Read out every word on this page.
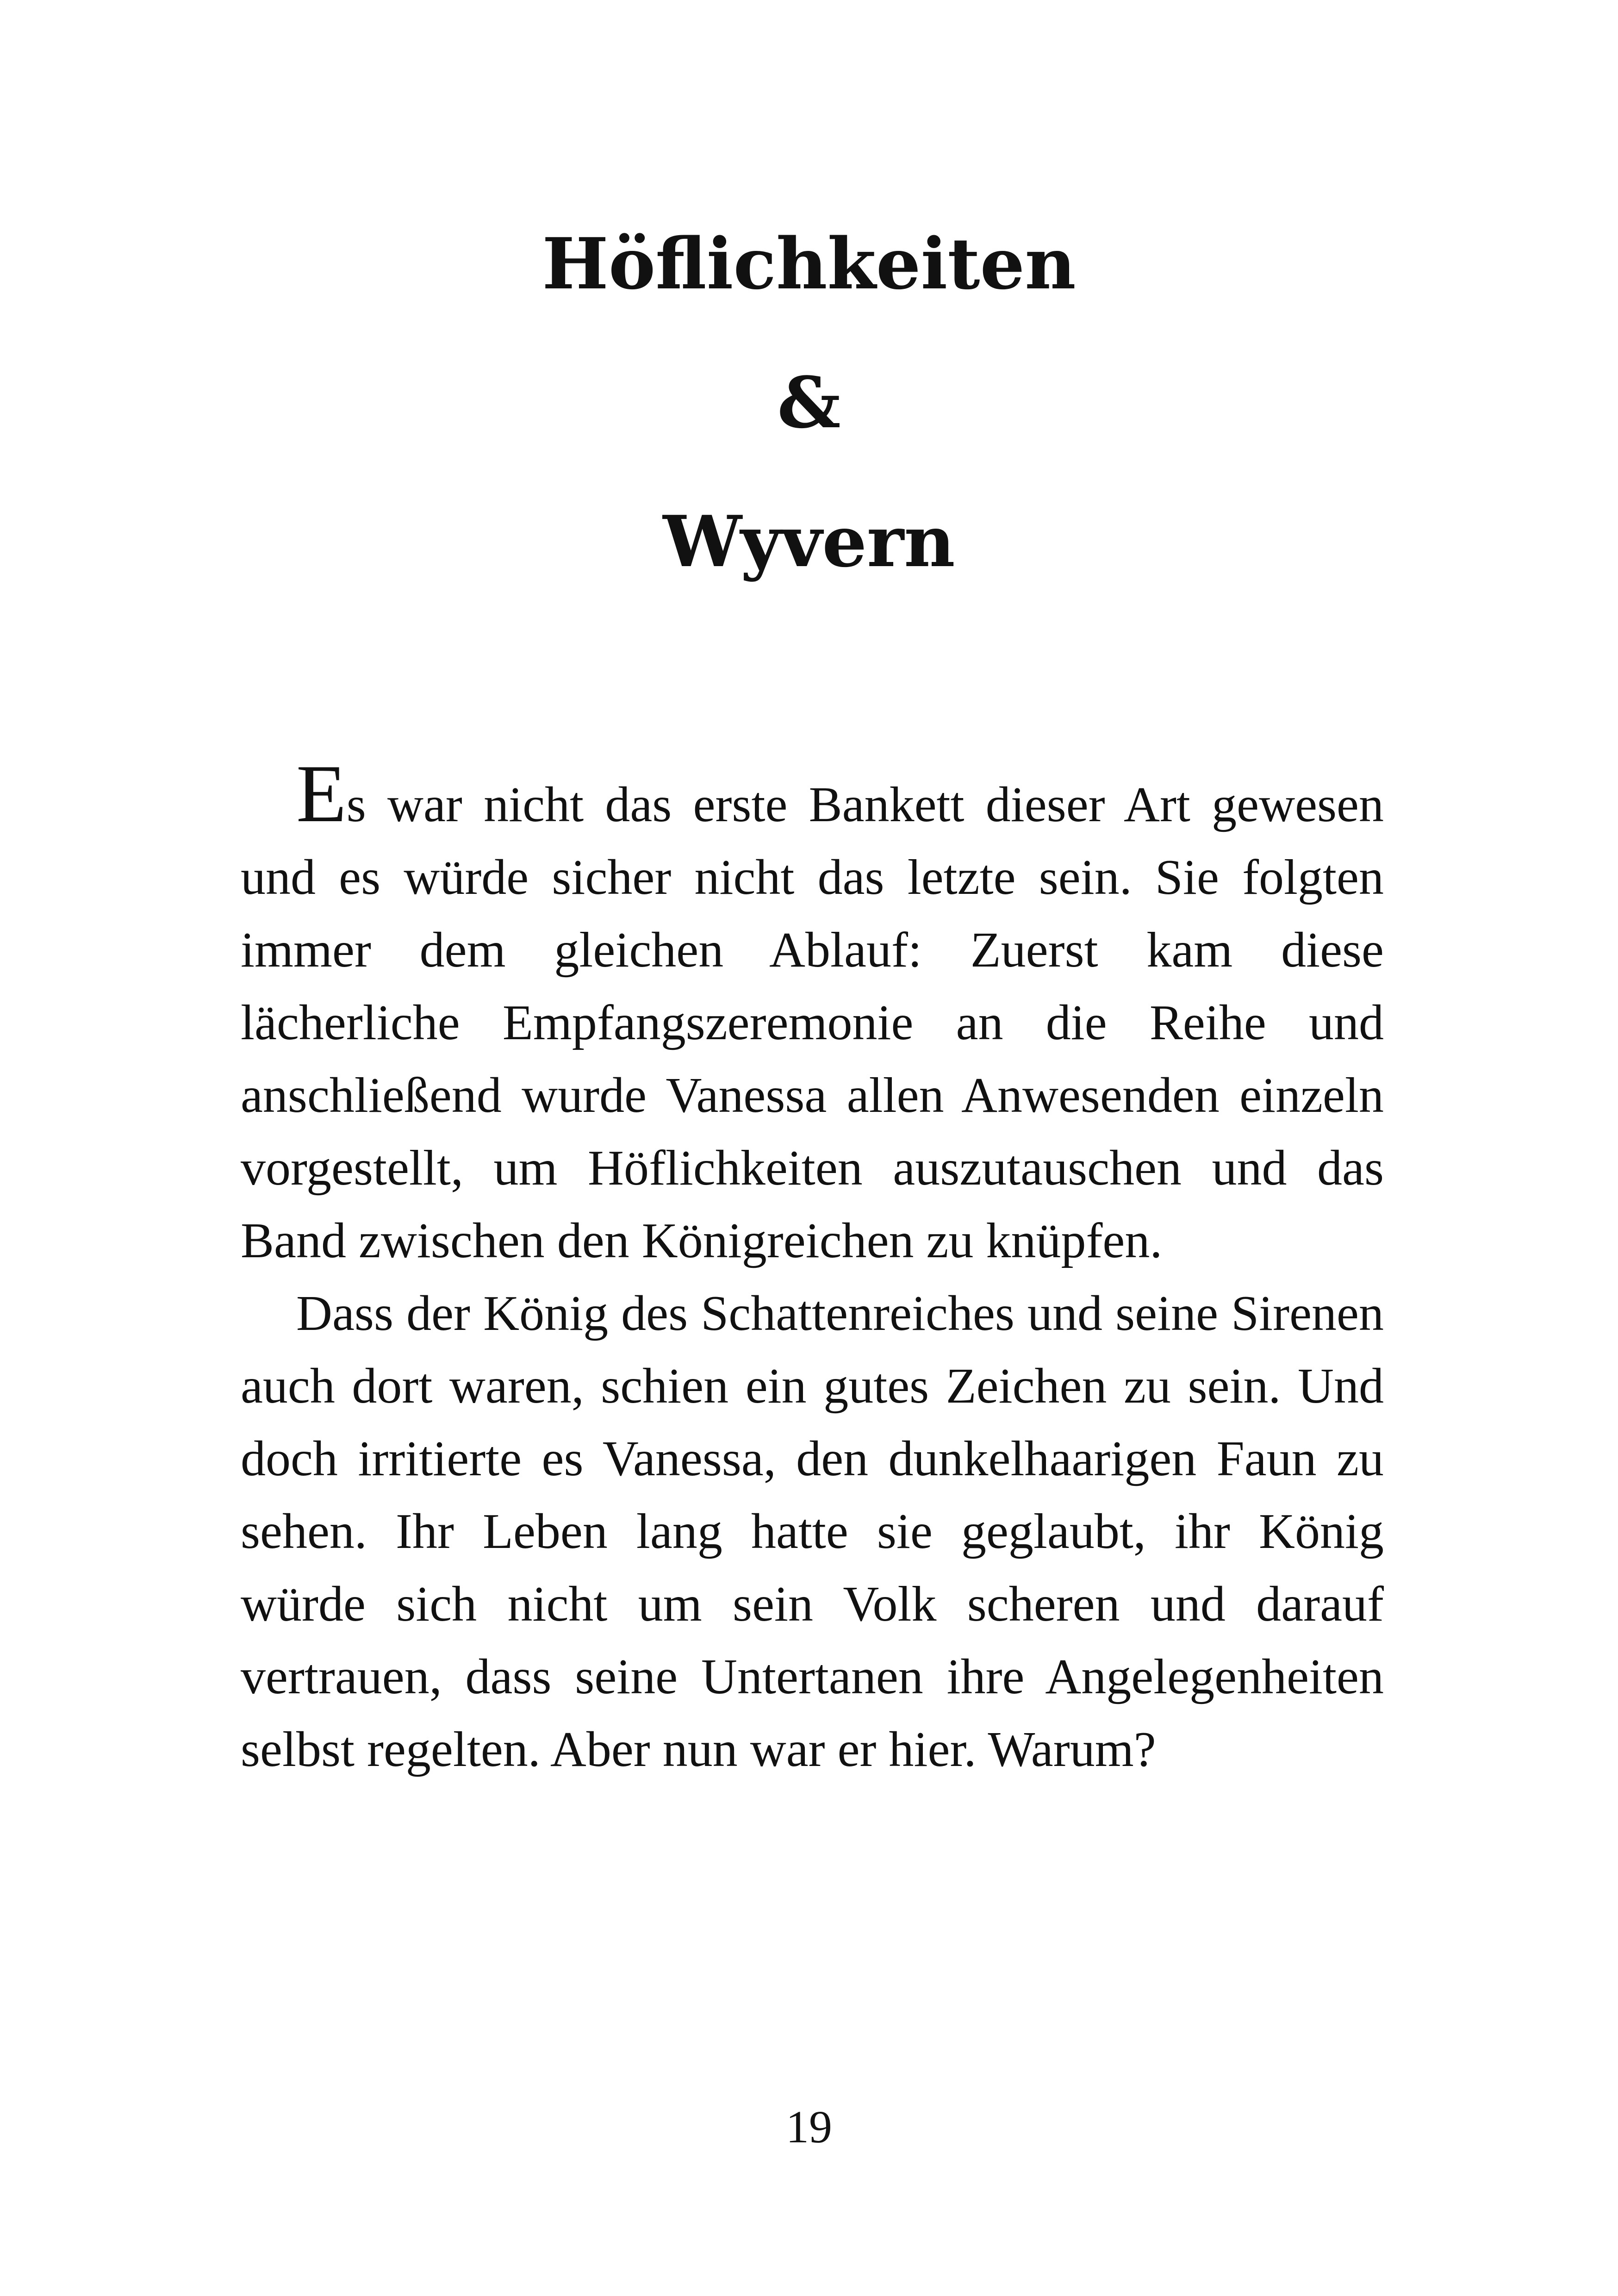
Höflichkeiten
&
Wyvern

Es war nicht das erste Bankett dieser Art gewesen und es würde sicher nicht das letzte sein. Sie folgten immer dem gleichen Ablauf: Zuerst kam diese lächerliche Empfangszeremonie an die Reihe und anschließend wurde Vanessa allen Anwesenden einzeln vorgestellt, um Höflichkeiten auszutauschen und das Band zwischen den Königreichen zu knüpfen.

Dass der König des Schattenreiches und seine Sirenen auch dort waren, schien ein gutes Zeichen zu sein. Und doch irritierte es Vanessa, den dunkelhaarigen Faun zu sehen. Ihr Leben lang hatte sie geglaubt, ihr König würde sich nicht um sein Volk scheren und darauf vertrauen, dass seine Untertanen ihre Angelegenheiten selbst regelten. Aber nun war er hier. Warum?

19
